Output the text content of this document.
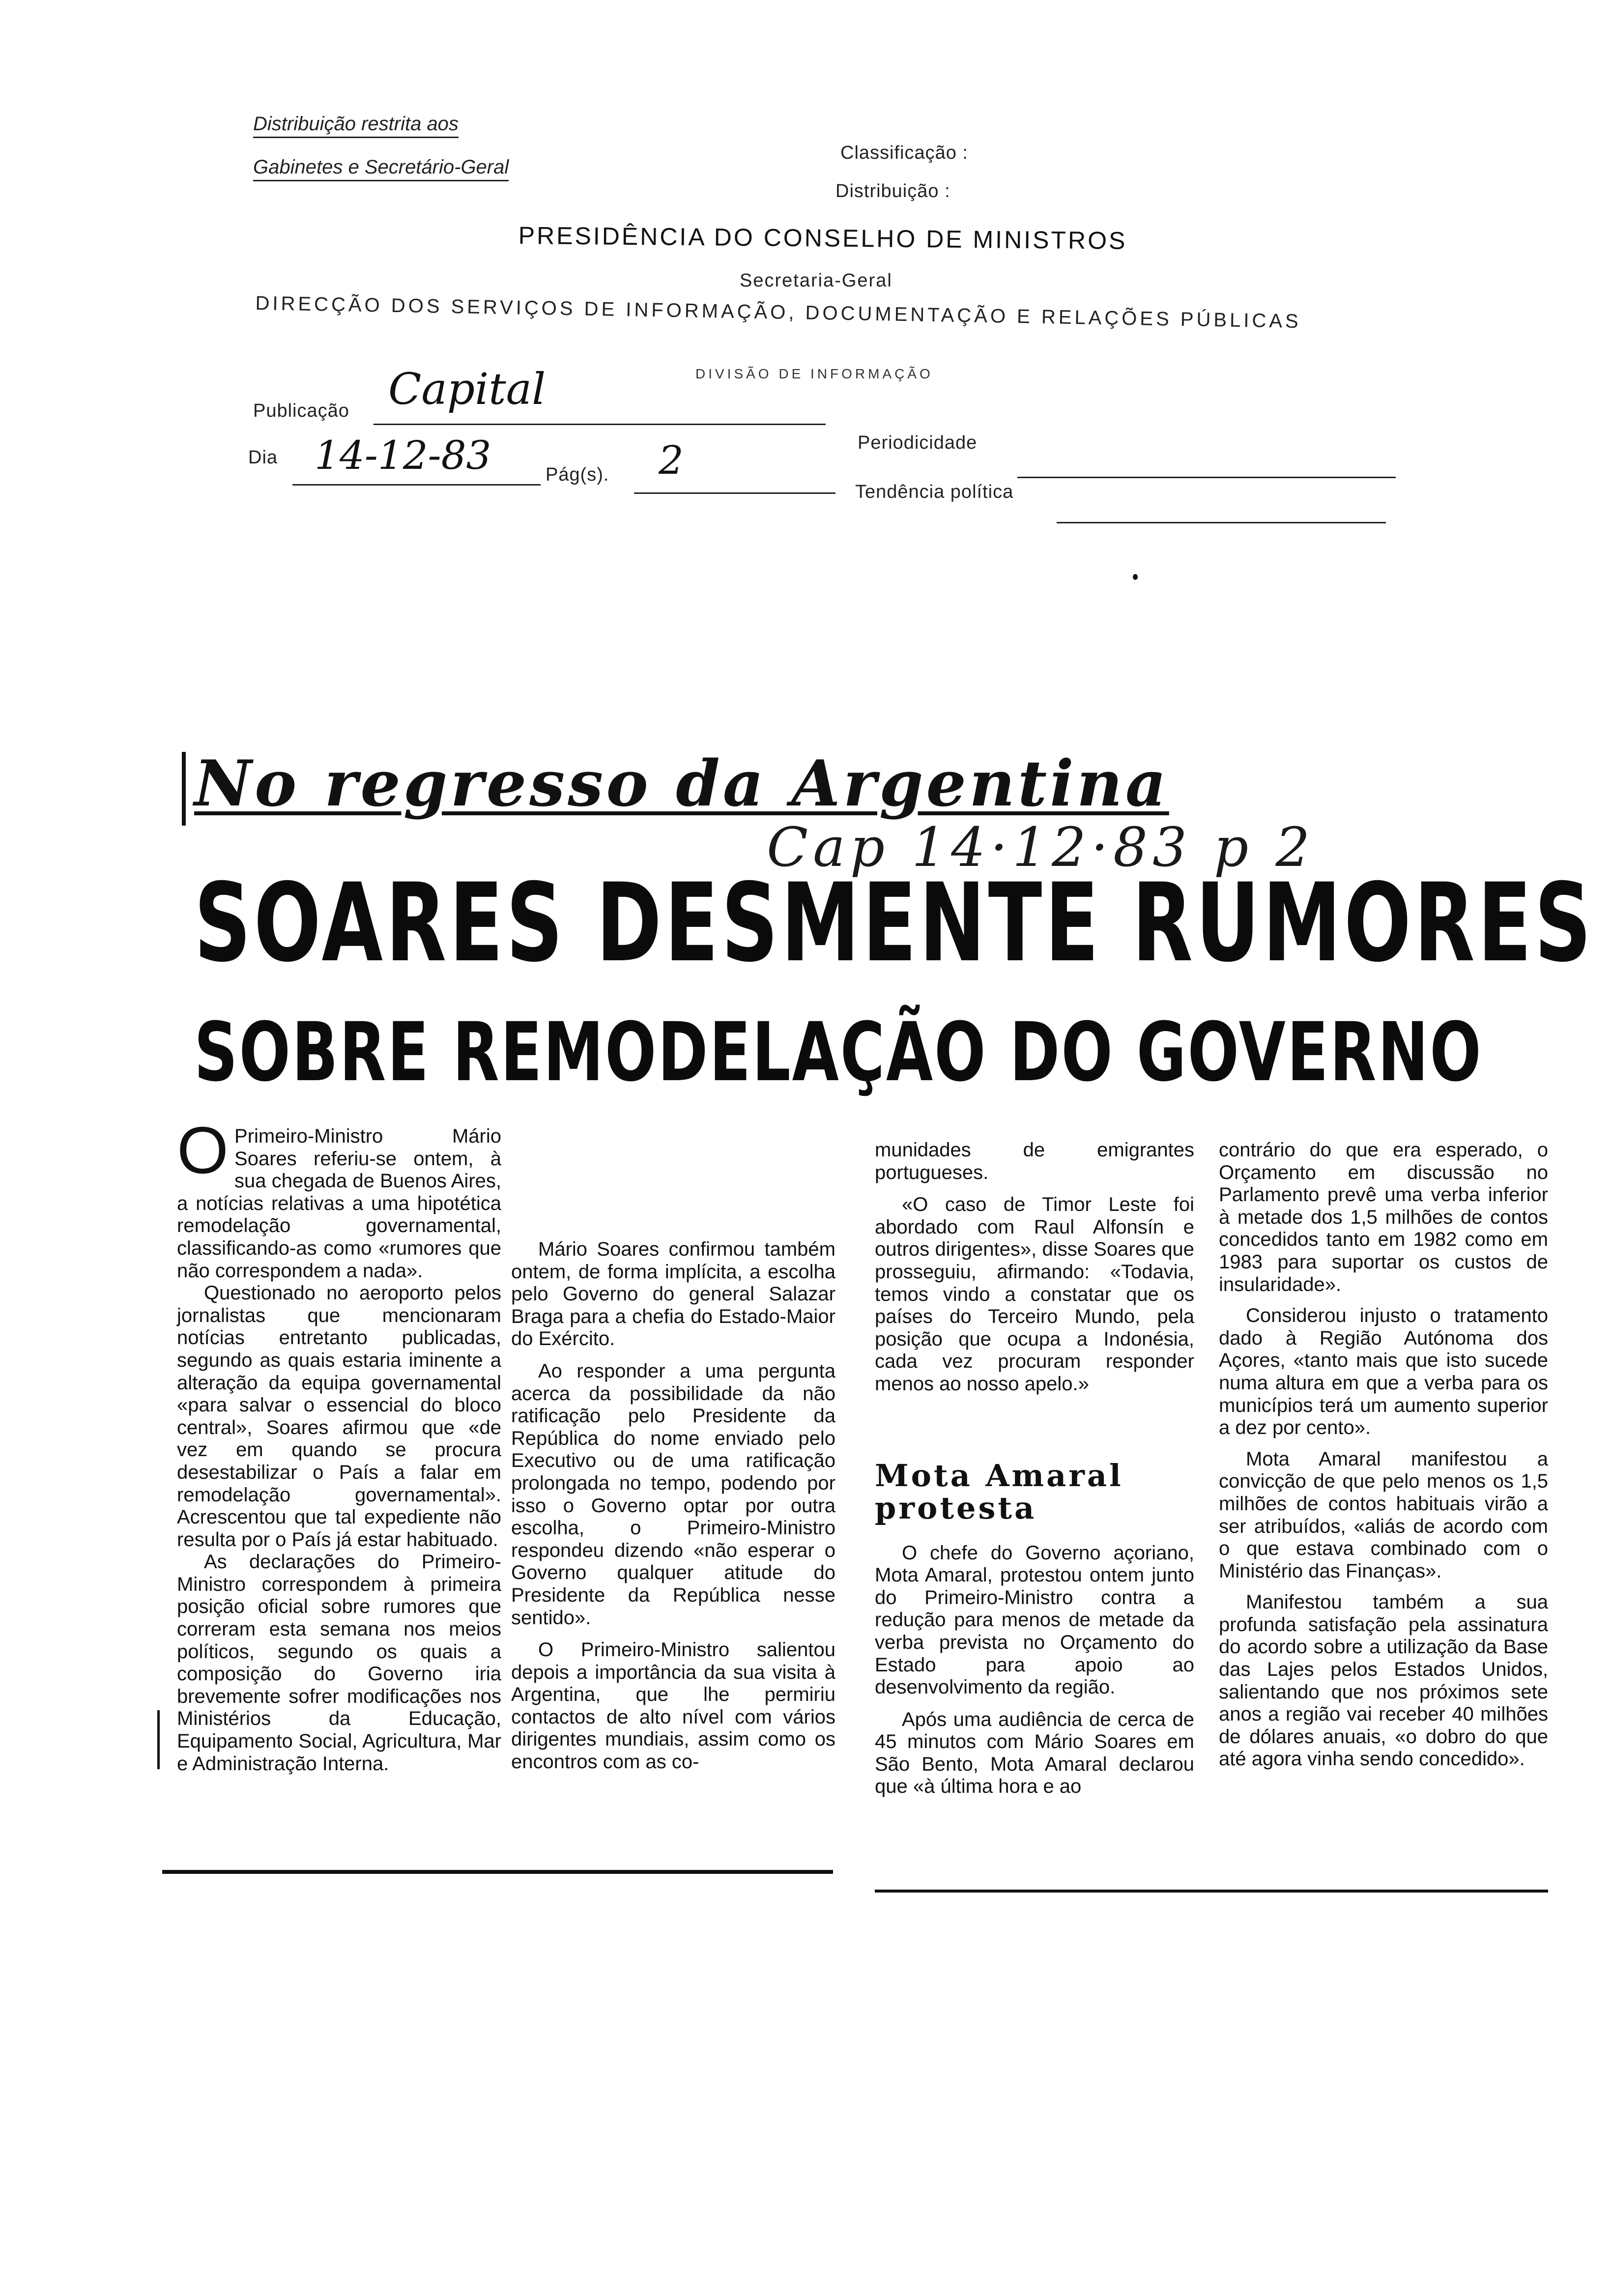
Distribuição restrita aos
Gabinetes e Secretário-Geral
Classificação :
Distribuição :
PRESIDÊNCIA DO CONSELHO DE MINISTROS
Secretaria-Geral
DIRECÇÃO DOS SERVIÇOS DE INFORMAÇÃO, DOCUMENTAÇÃO E RELAÇÕES PÚBLICAS
DIVISÃO DE INFORMAÇÃO
Publicação Capital
Dia 14-12-83	Pág(s). 2	Periodicidade
Tendência política
No regresso da Argentina
Cap 14·12·83 p 2
SOARES DESMENTE RUMORES
SOBRE REMODELAÇÃO DO GOVERNO

O Primeiro-Ministro Mário Soares referiu-se ontem, à sua chegada de Buenos Aires, a notícias relativas a uma hipotética remodelação governamental, classificando-as como «rumores que não correspondem a nada».

Questionado no aeroporto pelos jornalistas que mencionaram notícias entretanto publicadas, segundo as quais estaria iminente a alteração da equipa governamental «para salvar o essencial do bloco central», Soares afirmou que «de vez em quando se procura desestabilizar o País a falar em remodelação governamental». Acrescentou que tal expediente não resulta por o País já estar habituado.

As declarações do Primeiro-Ministro correspondem à primeira posição oficial sobre rumores que correram esta semana nos meios políticos, segundo os quais a composição do Governo iria brevemente sofrer modificações nos Ministérios da Educação, Equipamento Social, Agricultura, Mar e Administração Interna.

Mário Soares confirmou também ontem, de forma implícita, a escolha pelo Governo do general Salazar Braga para a chefia do Estado-Maior do Exército.

Ao responder a uma pergunta acerca da possibilidade da não ratificação pelo Presidente da República do nome enviado pelo Executivo ou de uma ratificação prolongada no tempo, podendo por isso o Governo optar por outra escolha, o Primeiro-Ministro respondeu dizendo «não esperar o Governo qualquer atitude do Presidente da República nesse sentido».

O Primeiro-Ministro salientou depois a importância da sua visita à Argentina, que lhe permiriu contactos de alto nível com vários dirigentes mundiais, assim como os encontros com as co-

munidades de emigrantes portugueses.

«O caso de Timor Leste foi abordado com Raul Alfonsín e outros dirigentes», disse Soares que prosseguiu, afirmando: «Todavia, temos vindo a constatar que os países do Terceiro Mundo, pela posição que ocupa a Indonésia, cada vez procuram responder menos ao nosso apelo.»

Mota Amaral protesta

O chefe do Governo açoriano, Mota Amaral, protestou ontem junto do Primeiro-Ministro contra a redução para menos de metade da verba prevista no Orçamento do Estado para apoio ao desenvolvimento da região.

Após uma audiência de cerca de 45 minutos com Mário Soares em São Bento, Mota Amaral declarou que «à última hora e ao

contrário do que era esperado, o Orçamento em discussão no Parlamento prevê uma verba inferior à metade dos 1,5 milhões de contos concedidos tanto em 1982 como em 1983 para suportar os custos de insularidade».

Considerou injusto o tratamento dado à Região Autónoma dos Açores, «tanto mais que isto sucede numa altura em que a verba para os municípios terá um aumento superior a dez por cento».

Mota Amaral manifestou a convicção de que pelo menos os 1,5 milhões de contos habituais virão a ser atribuídos, «aliás de acordo com o que estava combinado com o Ministério das Finanças».

Manifestou também a sua profunda satisfação pela assinatura do acordo sobre a utilização da Base das Lajes pelos Estados Unidos, salientando que nos próximos sete anos a região vai receber 40 milhões de dólares anuais, «o dobro do que até agora vinha sendo concedido».
